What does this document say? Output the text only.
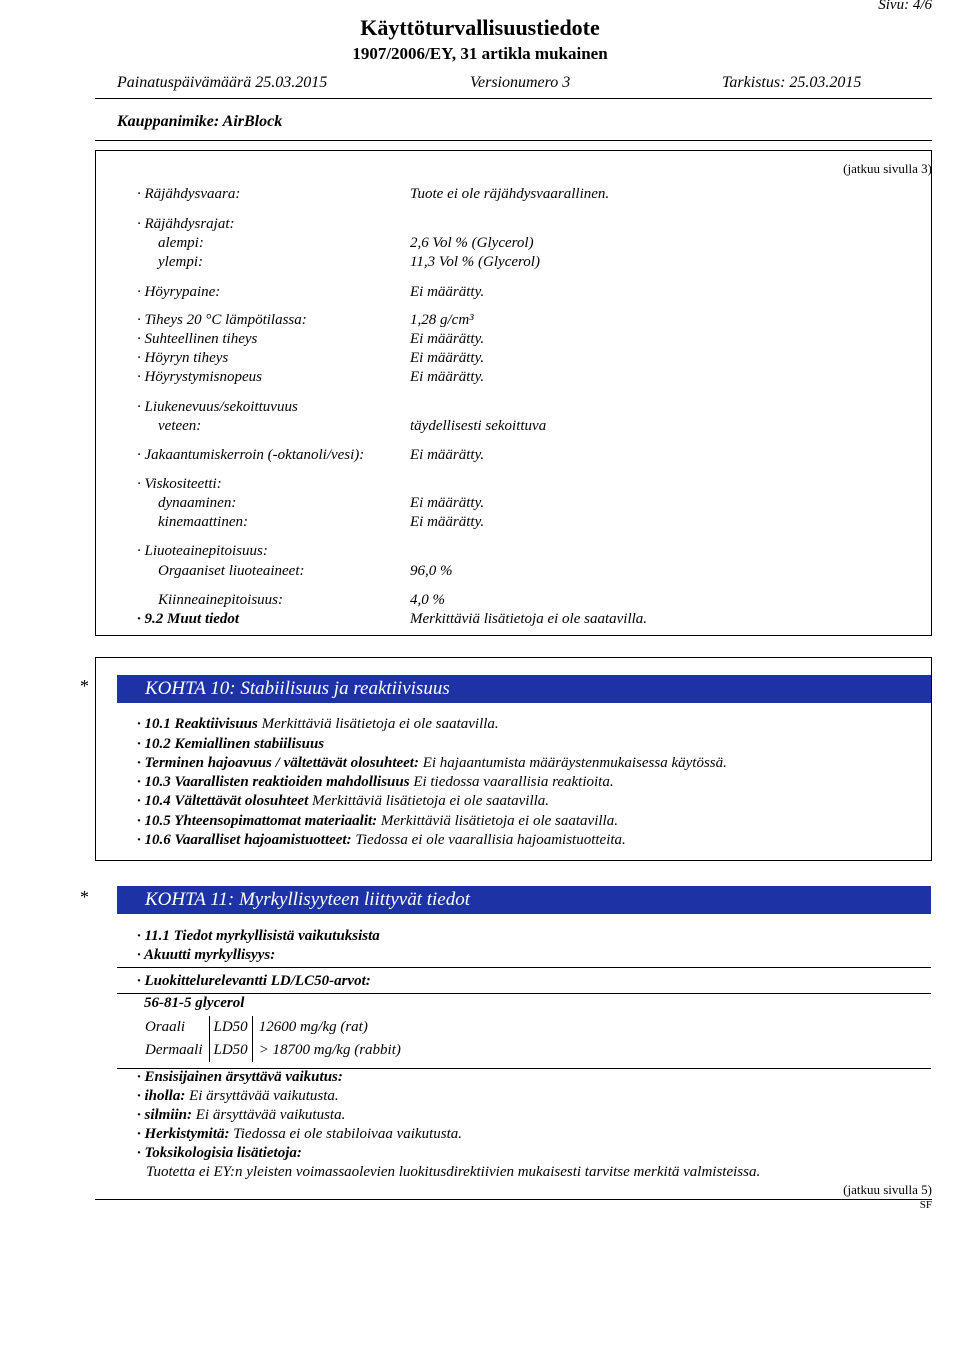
Sivu: 4/6
Käyttöturvallisuustiedote
1907/2006/EY, 31 artikla mukainen
Painatuspäivämäärä 25.03.2015	Versionumero 3	Tarkistus: 25.03.2015
Kauppanimike: AirBlock
(jatkuu sivulla 3)
· Räjähdysvaara:	Tuote ei ole räjähdysvaarallinen.
· Räjähdysrajat:
alempi:	2,6 Vol % (Glycerol)
ylempi:	11,3 Vol % (Glycerol)
· Höyrypaine:	Ei määrätty.
· Tiheys 20 °C lämpötilassa:	1,28 g/cm³
· Suhteellinen tiheys	Ei määrätty.
· Höyryn tiheys	Ei määrätty.
· Höyrystymisnopeus	Ei määrätty.
· Liukenevuus/sekoittuvuus
veteen:	täydellisesti sekoittuva
· Jakaantumiskerroin (-oktanoli/vesi):	Ei määrätty.
· Viskositeetti:
dynaaminen:	Ei määrätty.
kinemaattinen:	Ei määrätty.
· Liuoteainepitoisuus:
Orgaaniset liuoteaineet:	96,0 %
Kiinneainepitoisuus:	4,0 %
· 9.2 Muut tiedot	Merkittäviä lisätietoja ei ole saatavilla.
*	KOHTA 10: Stabiilisuus ja reaktiivisuus
· 10.1 Reaktiivisuus Merkittäviä lisätietoja ei ole saatavilla.
· 10.2 Kemiallinen stabiilisuus
· Terminen hajoavuus / vältettävät olosuhteet: Ei hajaantumista määräystenmukaisessa käytössä.
· 10.3 Vaarallisten reaktioiden mahdollisuus Ei tiedossa vaarallisia reaktioita.
· 10.4 Vältettävät olosuhteet Merkittäviä lisätietoja ei ole saatavilla.
· 10.5 Yhteensopimattomat materiaalit: Merkittäviä lisätietoja ei ole saatavilla.
· 10.6 Vaaralliset hajoamistuotteet: Tiedossa ei ole vaarallisia hajoamistuotteita.
*	KOHTA 11: Myrkyllisyyteen liittyvät tiedot
· 11.1 Tiedot myrkyllisistä vaikutuksista
· Akuutti myrkyllisyys:
· Luokittelurelevantti LD/LC50-arvot:
56-81-5 glycerol
Oraali	LD50	12600 mg/kg (rat)
Dermaali	LD50	> 18700 mg/kg (rabbit)
· Ensisijainen ärsyttävä vaikutus:
· iholla: Ei ärsyttävää vaikutusta.
· silmiin: Ei ärsyttävää vaikutusta.
· Herkistymitä: Tiedossa ei ole stabiloivaa vaikutusta.
· Toksikologisia lisätietoja:
Tuotetta ei EY:n yleisten voimassaolevien luokitusdirektiivien mukaisesti tarvitse merkitä valmisteissa.
(jatkuu sivulla 5)
SF
